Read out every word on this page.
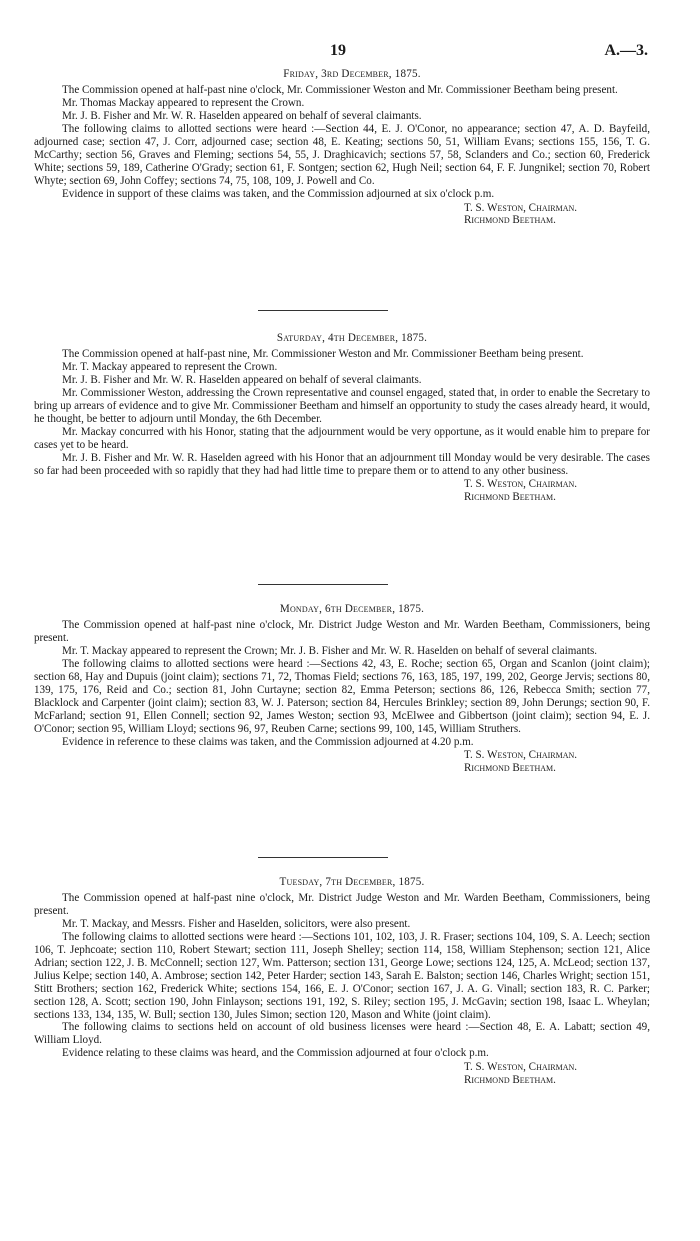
19	A.—3.
Friday, 3rd December, 1875.

The Commission opened at half-past nine o'clock, Mr. Commissioner Weston and Mr. Commissioner Beetham being present.

Mr. Thomas Mackay appeared to represent the Crown.

Mr. J. B. Fisher and Mr. W. R. Haselden appeared on behalf of several claimants.

The following claims to allotted sections were heard :—Section 44, E. J. O'Conor, no appearance; section 47, A. D. Bayfeild, adjourned case; section 47, J. Corr, adjourned case; section 48, E. Keating; sections 50, 51, William Evans; sections 155, 156, T. G. McCarthy; section 56, Graves and Fleming; sections 54, 55, J. Draghicavich; sections 57, 58, Sclanders and Co.; section 60, Frederick White; sections 59, 189, Catherine O'Grady; section 61, F. Sontgen; section 62, Hugh Neil; section 64, F. F. Jungnikel; section 70, Robert Whyte; section 69, John Coffey; sections 74, 75, 108, 109, J. Powell and Co.

Evidence in support of these claims was taken, and the Commission adjourned at six o'clock p.m.

T. S. Weston, Chairman.
Richmond Beetham.
Saturday, 4th December, 1875.

The Commission opened at half-past nine, Mr. Commissioner Weston and Mr. Commissioner Beetham being present.

Mr. T. Mackay appeared to represent the Crown.

Mr. J. B. Fisher and Mr. W. R. Haselden appeared on behalf of several claimants.

Mr. Commissioner Weston, addressing the Crown representative and counsel engaged, stated that, in order to enable the Secretary to bring up arrears of evidence and to give Mr. Commissioner Beetham and himself an opportunity to study the cases already heard, it would, he thought, be better to adjourn until Monday, the 6th December.

Mr. Mackay concurred with his Honor, stating that the adjournment would be very opportune, as it would enable him to prepare for cases yet to be heard.

Mr. J. B. Fisher and Mr. W. R. Haselden agreed with his Honor that an adjournment till Monday would be very desirable. The cases so far had been proceeded with so rapidly that they had had little time to prepare them or to attend to any other business.

T. S. Weston, Chairman.
Richmond Beetham.
Monday, 6th December, 1875.

The Commission opened at half-past nine o'clock, Mr. District Judge Weston and Mr. Warden Beetham, Commissioners, being present.

Mr. T. Mackay appeared to represent the Crown; Mr. J. B. Fisher and Mr. W. R. Haselden on behalf of several claimants.

The following claims to allotted sections were heard :—Sections 42, 43, E. Roche; section 65, Organ and Scanlon (joint claim); section 68, Hay and Dupuis (joint claim); sections 71, 72, Thomas Field; sections 76, 163, 185, 197, 199, 202, George Jervis; sections 80, 139, 175, 176, Reid and Co.; section 81, John Curtayne; section 82, Emma Peterson; sections 86, 126, Rebecca Smith; section 77, Blacklock and Carpenter (joint claim); section 83, W. J. Paterson; section 84, Hercules Brinkley; section 89, John Derungs; section 90, F. McFarland; section 91, Ellen Connell; section 92, James Weston; section 93, McElwee and Gibbertson (joint claim); section 94, E. J. O'Conor; section 95, William Lloyd; sections 96, 97, Reuben Carne; sections 99, 100, 145, William Struthers.

Evidence in reference to these claims was taken, and the Commission adjourned at 4.20 p.m.

T. S. Weston, Chairman.
Richmond Beetham.
Tuesday, 7th December, 1875.

The Commission opened at half-past nine o'clock, Mr. District Judge Weston and Mr. Warden Beetham, Commissioners, being present.

Mr. T. Mackay, and Messrs. Fisher and Haselden, solicitors, were also present.

The following claims to allotted sections were heard :—Sections 101, 102, 103, J. R. Fraser; sections 104, 109, S. A. Leech; section 106, T. Jephcoate; section 110, Robert Stewart; section 111, Joseph Shelley; section 114, 158, William Stephenson; section 121, Alice Adrian; section 122, J. B. McConnell; section 127, Wm. Patterson; section 131, George Lowe; sections 124, 125, A. McLeod; section 137, Julius Kelpe; section 140, A. Ambrose; section 142, Peter Harder; section 143, Sarah E. Balston; section 146, Charles Wright; section 151, Stitt Brothers; section 162, Frederick White; sections 154, 166, E. J. O'Conor; section 167, J. A. G. Vinall; section 183, R. C. Parker; section 128, A. Scott; section 190, John Finlayson; sections 191, 192, S. Riley; section 195, J. McGavin; section 198, Isaac L. Wheylan; sections 133, 134, 135, W. Bull; section 130, Jules Simon; section 120, Mason and White (joint claim).

The following claims to sections held on account of old business licenses were heard :—Section 48, E. A. Labatt; section 49, William Lloyd.

Evidence relating to these claims was heard, and the Commission adjourned at four o'clock p.m.

T. S. Weston, Chairman.
Richmond Beetham.
